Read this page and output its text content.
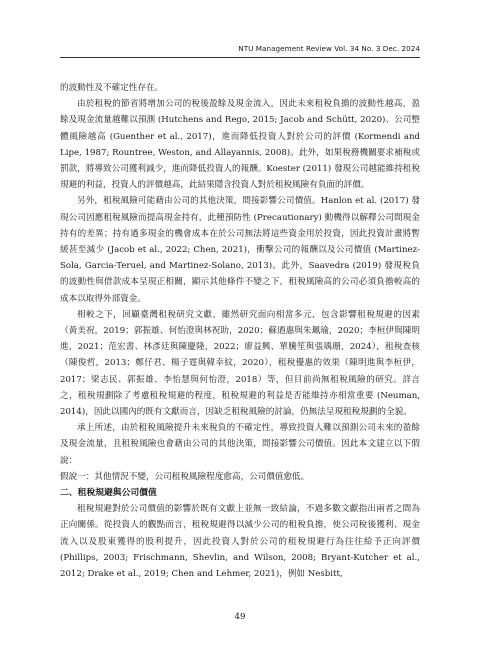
NTU Management Review Vol. 34 No. 3 Dec. 2024

的波動性及不確定性存在。

由於租稅的節省將增加公司的稅後盈餘及現金流入，因此未來租稅負擔的波動性越高，盈餘及現金流量越難以預測 (Hutchens and Rego, 2015; Jacob and Schütt, 2020)、公司整體風險越高 (Guenther et al., 2017)，進而降低投資人對於公司的評價 (Kormendi and Lipe, 1987; Rountree, Weston, and Allayannis, 2008)。此外，如果稅務機關要求補稅或罰款，將導致公司獲利減少，進而降低投資人的報酬。Koester (2011) 發現公司越能維持租稅規避的利益，投資人的評價越高，此結果隱含投資人對於租稅風險有負面的評價。

另外，租稅風險可能藉由公司的其他決策，間接影響公司價值。Hanlon et al. (2017) 發現公司因應租稅風險而提高現金持有，此種預防性 (Precautionary) 動機得以解釋公司間現金持有的差異；持有過多現金的機會成本在於公司無法將這些資金用於投資，因此投資計畫將暫緩甚至減少 (Jacob et al., 2022; Chen, 2021)，衝擊公司的報酬以及公司價值 (Martinez-Sola, Garcia-Teruel, and Martinez-Solano, 2013)。此外，Saavedra (2019) 發現稅負的波動性與借款成本呈現正相關，顯示其他條件不變之下，租稅風險高的公司必須負擔較高的成本以取得外部資金。

相較之下，回顧臺灣租稅研究文獻，雖然研究面向相當多元，包含影響租稅規避的因素（黃美祝，2019；郭振雄、何怡澄與林祝助，2020；蘇迺惠與朱珮瑜，2020；李桓伊與陳明進，2021；范宏書、林彥廷與陳慶隆，2022；廖益興、單騰笙與張瑀珊，2024），租稅查核（陳俊哲，2013；鄭仔君、楊子霆與韓幸紋，2020），租稅優惠的效果（陳明進與李桓伊，2017；梁志民、郭振雄、李怡慧與何怡澄，2018）等，但目前尚無租稅風險的研究。詳言之，租稅規劃除了考慮租稅規避的程度，租稅規避的利益是否能維持亦相當重要 (Neuman, 2014)，因此以國內的既有文獻而言，因缺乏租稅風險的討論，仍無法呈現租稅規劃的全貌。

承上所述，由於租稅風險提升未來稅負的不確定性，導致投資人難以預測公司未來的盈餘及現金流量，且租稅風險也會藉由公司的其他決策，間接影響公司價值。因此本文建立以下假說：

假說一：其他情況不變，公司租稅風險程度愈高，公司價值愈低。

二、租稅規避與公司價值

租稅規避對於公司價值的影響於既有文獻上並無一致結論，不過多數文獻指出兩者之間為正向關係。從投資人的觀點而言，租稅規避得以減少公司的租稅負擔，使公司稅後獲利、現金流入以及股東獲得的股利提升，因此投資人對於公司的租稅規避行為往往給予正向評價 (Phillips, 2003; Frischmann, Shevlin, and Wilson, 2008; Bryant-Kutcher et al., 2012; Drake et al., 2019; Chen and Lehmer, 2021)，例如 Nesbitt,

49
